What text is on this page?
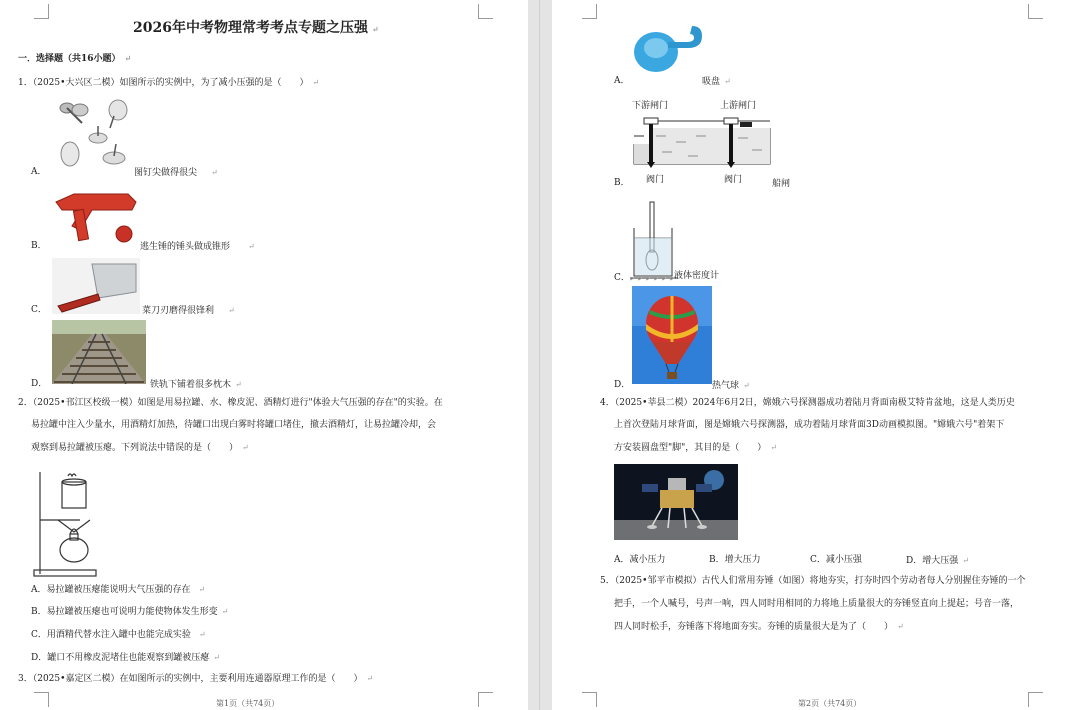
2026年中考物理常考考点专题之压强 ↵
一．选择题（共16小题） ↵
1．（2025•大兴区二模）如图所示的实例中，为了减小压强的是（　　） ↵
A．	图钉尖做得很尖 ↵
B．	逃生锤的锤头做成锥形 ↵
C．	菜刀刃磨得很锋利 ↵
D．	铁轨下铺着很多枕木 ↵
2．（2025•邗江区校级一模）如图是用易拉罐、水、橡皮泥、酒精灯进行"体验大气压强的存在"的实验。在
易拉罐中注入少量水，用酒精灯加热，待罐口出现白雾时将罐口堵住，撤去酒精灯，让易拉罐冷却，会
观察到易拉罐被压瘪。下列说法中错误的是（　　） ↵
A．易拉罐被压瘪能说明大气压强的存在 ↵
B．易拉罐被压瘪也可说明力能使物体发生形变 ↵
C．用酒精代替水注入罐中也能完成实验 ↵
D．罐口不用橡皮泥堵住也能观察到罐被压瘪 ↵
3．（2025•嘉定区二模）在如图所示的实例中，主要利用连通器原理工作的是（　　） ↵
第1页（共74页）
A．	吸盘 ↵
下游闸门	上游闸门
B． 阀门	阀门	船闸
C．	液体密度计
D．	热气球 ↵
4．（2025•莘县二模）2024年6月2日，嫦娥六号探测器成功着陆月背面南极艾特肯盆地，这是人类历史
上首次登陆月球背面，图是嫦娥六号探测器，成功着陆月球背面3D动画模拟图。"嫦娥六号"着架下
方安装圆盘型"脚"，其目的是（　　） ↵
A．减小压力	B．增大压力	C．减小压强	D．增大压强 ↵
5．（2025•邹平市模拟）古代人们常用夯锤（如图）将地夯实，打夯时四个劳动者每人分别握住夯锤的一个
把手，一个人喊号，号声一响，四人同时用相同的力将地上质量很大的夯锤竖直向上提起；号音一落，
四人同时松手，夯锤落下将地面夯实。夯锤的质量很大是为了（　　） ↵
第2页（共74页）
